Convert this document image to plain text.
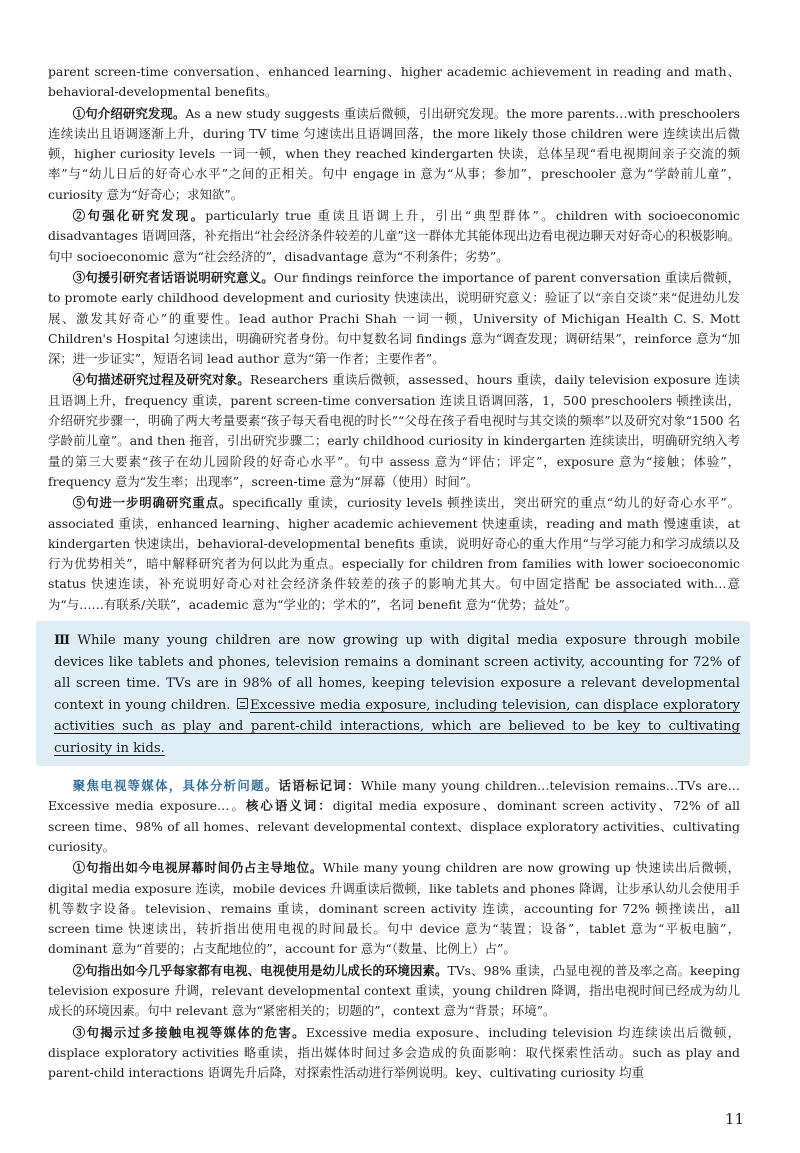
parent screen-time conversation、enhanced learning、higher academic achievement in reading and math、behavioral-developmental benefits。

①句介绍研究发现。As a new study suggests 重读后微顿，引出研究发现。the more parents…with preschoolers 连续读出且语调逐渐上升，during TV time 匀速读出且语调回落，the more likely those children were 连续读出后微顿，higher curiosity levels 一词一顿，when they reached kindergarten 快读，总体呈现“看电视期间亲子交流的频率”与“幼儿日后的好奇心水平”之间的正相关。句中 engage in 意为“从事；参加”，preschooler 意为“学龄前儿童”，curiosity 意为“好奇心；求知欲”。

②句强化研究发现。particularly true 重读且语调上升，引出“典型群体”。children with socioeconomic disadvantages 语调回落，补充指出“社会经济条件较差的儿童”这一群体尤其能体现出边看电视边聊天对好奇心的积极影响。句中 socioeconomic 意为“社会经济的”，disadvantage 意为“不利条件；劣势”。

③句援引研究者话语说明研究意义。Our findings reinforce the importance of parent conversation 重读后微顿，to promote early childhood development and curiosity 快速读出，说明研究意义：验证了以“亲自交谈”来“促进幼儿发展、激发其好奇心”的重要性。lead author Prachi Shah 一词一顿，University of Michigan Health C. S. Mott Children's Hospital 匀速读出，明确研究者身份。句中复数名词 findings 意为“调查发现；调研结果”，reinforce 意为“加深；进一步证实”，短语名词 lead author 意为“第一作者；主要作者”。

④句描述研究过程及研究对象。Researchers 重读后微顿，assessed、hours 重读，daily television exposure 连读且语调上升，frequency 重读，parent screen-time conversation 连读且语调回落，1，500 preschoolers 顿挫读出，介绍研究步骤一，明确了两大考量要素“孩子每天看电视的时长”“父母在孩子看电视时与其交谈的频率”以及研究对象“1500 名学龄前儿童”。and then 拖音，引出研究步骤二；early childhood curiosity in kindergarten 连续读出，明确研究纳入考量的第三大要素“孩子在幼儿园阶段的好奇心水平”。句中 assess 意为“评估；评定”，exposure 意为“接触；体验”，frequency 意为“发生率；出现率”，screen-time 意为“屏幕（使用）时间”。

⑤句进一步明确研究重点。specifically 重读，curiosity levels 顿挫读出，突出研究的重点“幼儿的好奇心水平”。associated 重读，enhanced learning、higher academic achievement 快速重读，reading and math 慢速重读，at kindergarten 快速读出，behavioral-developmental benefits 重读，说明好奇心的重大作用“与学习能力和学习成绩以及行为优势相关”，暗中解释研究者为何以此为重点。especially for children from families with lower socioeconomic status 快速连读，补充说明好奇心对社会经济条件较差的孩子的影响尤其大。句中固定搭配 be associated with…意为“与……有联系/关联”，academic 意为“学业的；学术的”，名词 benefit 意为“优势；益处”。

Ⅲ While many young children are now growing up with digital media exposure through mobile devices like tablets and phones, television remains a dominant screen activity, accounting for 72% of all screen time. TVs are in 98% of all homes, keeping television exposure a relevant developmental context in young children. Excessive media exposure, including television, can displace exploratory activities such as play and parent-child interactions, which are believed to be key to cultivating curiosity in kids.

聚焦电视等媒体，具体分析问题。话语标记词：While many young children…television remains…TVs are…Excessive media exposure…。核心语义词：digital media exposure、dominant screen activity、72% of all screen time、98% of all homes、relevant developmental context、displace exploratory activities、cultivating curiosity。

①句指出如今电视屏幕时间仍占主导地位。While many young children are now growing up 快速读出后微顿，digital media exposure 连读，mobile devices 升调重读后微顿，like tablets and phones 降调，让步承认幼儿会使用手机等数字设备。television、remains 重读，dominant screen activity 连读，accounting for 72% 顿挫读出，all screen time 快速读出，转折指出使用电视的时间最长。句中 device 意为“装置；设备”，tablet 意为“平板电脑”，dominant 意为“首要的；占支配地位的”，account for 意为“（数量、比例上）占”。

②句指出如今几乎每家都有电视、电视使用是幼儿成长的环境因素。TVs、98% 重读，凸显电视的普及率之高。keeping television exposure 升调，relevant developmental context 重读，young children 降调，指出电视时间已经成为幼儿成长的环境因素。句中 relevant 意为“紧密相关的；切题的”，context 意为“背景；环境”。

③句揭示过多接触电视等媒体的危害。Excessive media exposure、including television 均连续读出后微顿，displace exploratory activities 略重读，指出媒体时间过多会造成的负面影响：取代探索性活动。such as play and parent-child interactions 语调先升后降，对探索性活动进行举例说明。key、cultivating curiosity 均重

11
